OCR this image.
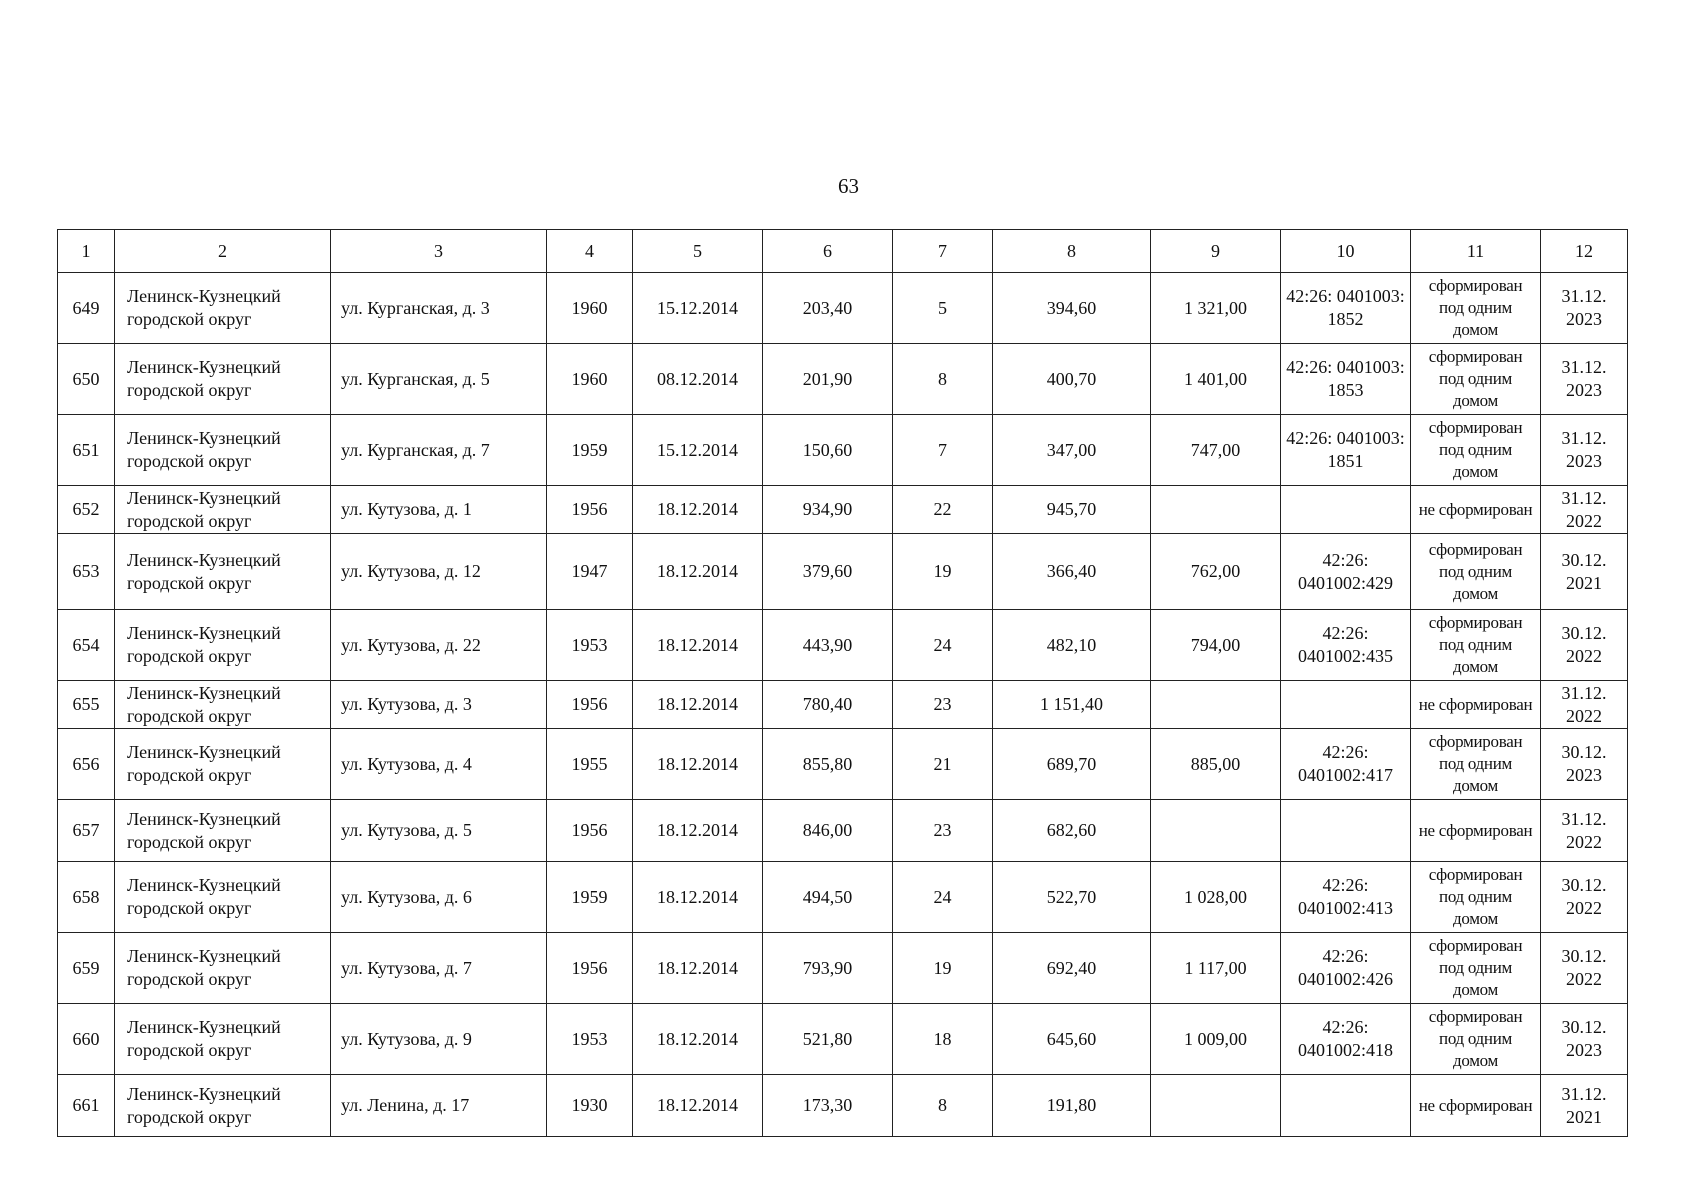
63
1	2	3	4	5	6	7	8	9	10	11	12
649	Ленинск-Кузнецкий городской округ	ул. Курганская, д. 3	1960	15.12.2014	203,40	5	394,60	1 321,00	42:26: 0401003: 1852	сформирован под одним домом	31.12. 2023
650	Ленинск-Кузнецкий городской округ	ул. Курганская, д. 5	1960	08.12.2014	201,90	8	400,70	1 401,00	42:26: 0401003: 1853	сформирован под одним домом	31.12. 2023
651	Ленинск-Кузнецкий городской округ	ул. Курганская, д. 7	1959	15.12.2014	150,60	7	347,00	747,00	42:26: 0401003: 1851	сформирован под одним домом	31.12. 2023
652	Ленинск-Кузнецкий городской округ	ул. Кутузова, д. 1	1956	18.12.2014	934,90	22	945,70			не сформирован	31.12. 2022
653	Ленинск-Кузнецкий городской округ	ул. Кутузова, д. 12	1947	18.12.2014	379,60	19	366,40	762,00	42:26: 0401002:429	сформирован под одним домом	30.12. 2021
654	Ленинск-Кузнецкий городской округ	ул. Кутузова, д. 22	1953	18.12.2014	443,90	24	482,10	794,00	42:26: 0401002:435	сформирован под одним домом	30.12. 2022
655	Ленинск-Кузнецкий городской округ	ул. Кутузова, д. 3	1956	18.12.2014	780,40	23	1 151,40			не сформирован	31.12. 2022
656	Ленинск-Кузнецкий городской округ	ул. Кутузова, д. 4	1955	18.12.2014	855,80	21	689,70	885,00	42:26: 0401002:417	сформирован под одним домом	30.12. 2023
657	Ленинск-Кузнецкий городской округ	ул. Кутузова, д. 5	1956	18.12.2014	846,00	23	682,60			не сформирован	31.12. 2022
658	Ленинск-Кузнецкий городской округ	ул. Кутузова, д. 6	1959	18.12.2014	494,50	24	522,70	1 028,00	42:26: 0401002:413	сформирован под одним домом	30.12. 2022
659	Ленинск-Кузнецкий городской округ	ул. Кутузова, д. 7	1956	18.12.2014	793,90	19	692,40	1 117,00	42:26: 0401002:426	сформирован под одним домом	30.12. 2022
660	Ленинск-Кузнецкий городской округ	ул. Кутузова, д. 9	1953	18.12.2014	521,80	18	645,60	1 009,00	42:26: 0401002:418	сформирован под одним домом	30.12. 2023
661	Ленинск-Кузнецкий городской округ	ул. Ленина, д. 17	1930	18.12.2014	173,30	8	191,80			не сформирован	31.12. 2021
